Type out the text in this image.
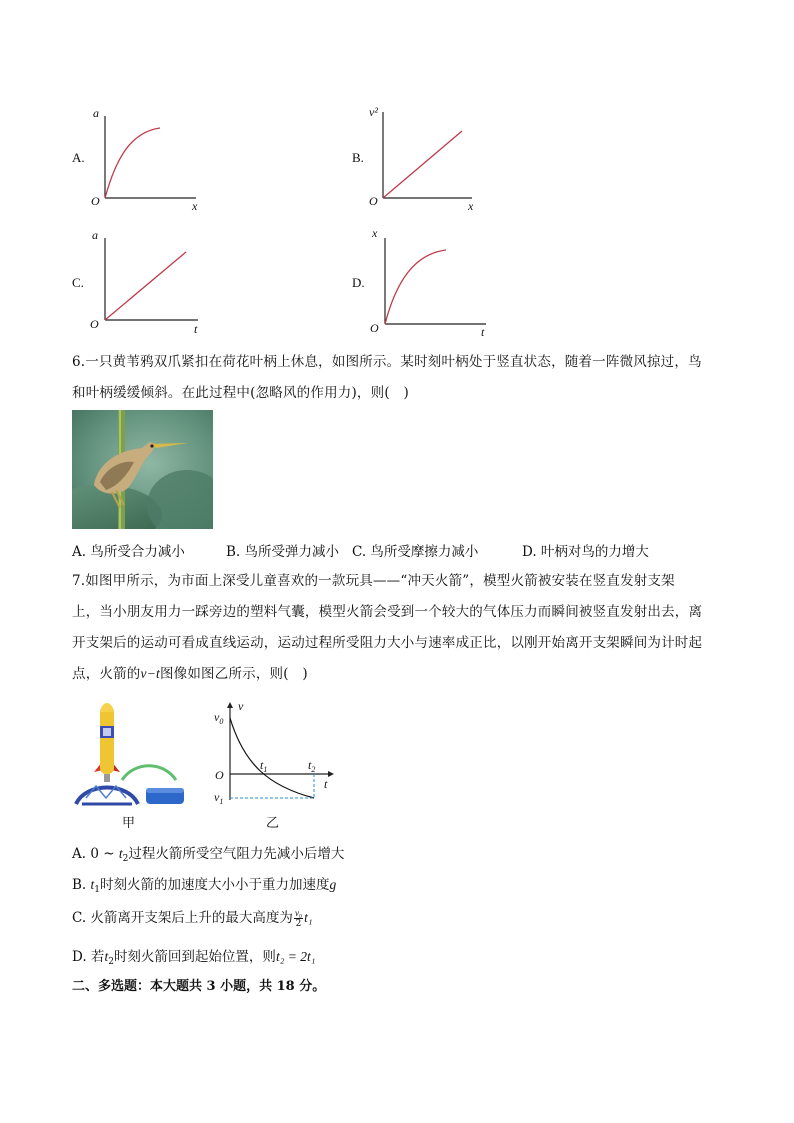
A.
a
O	x
B.
v²
O	x
C.
a
O	t
D.
x
O	t
6.一只黄苇鸦双爪紧扣在荷花叶柄上休息，如图所示。某时刻叶柄处于竖直状态，随着一阵微风掠过，鸟
和叶柄缓缓倾斜。在此过程中(忽略风的作用力)，则(　)
A. 鸟所受合力减小	B. 鸟所受弹力减小 C. 鸟所受摩擦力减小	D. 叶柄对鸟的力增大
7.如图甲所示，为市面上深受儿童喜欢的一款玩具——“冲天火箭”，模型火箭被安装在竖直发射支架
上，当小朋友用力一踩旁边的塑料气囊，模型火箭会受到一个较大的气体压力而瞬间被竖直发射出去，离
开支架后的运动可看成直线运动，运动过程所受阻力大小与速率成正比，以刚开始离开支架瞬间为计时起
点，火箭的v−t图像如图乙所示，则(　)
甲
v
t
O
$v_0$
$v_1$
$t_1$	$t_2$
乙
A. 0 ~ $t_2$过程火箭所受空气阻力先减小后增大
B. $t_1$时刻火箭的加速度大小小于重力加速度g
C. 火箭离开支架后上升的最大高度为 $\frac{\text{v₀}}{2} t_1$
D. 若$t_2$时刻火箭回到起始位置，则t₂ = 2t₁
二、多选题：本大题共 3 小题，共 18 分。
